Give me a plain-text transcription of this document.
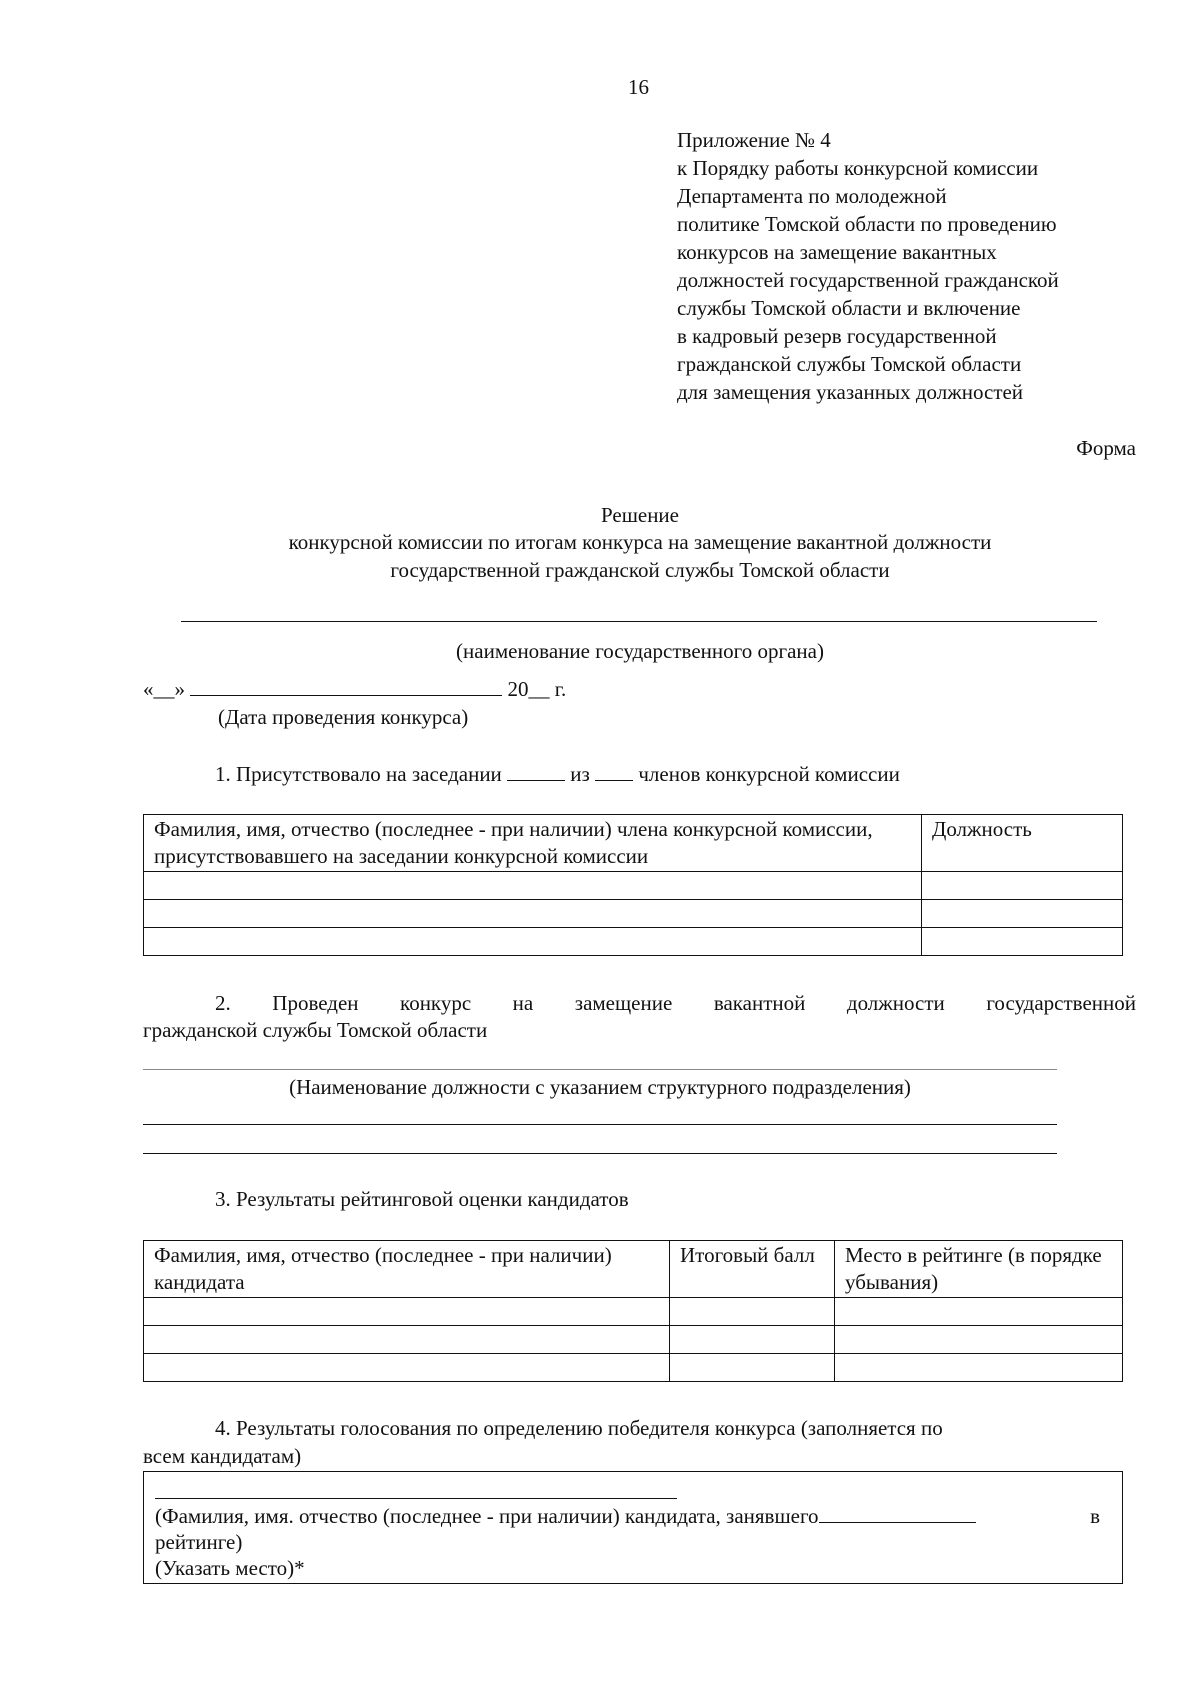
16
Приложение № 4
к Порядку работы конкурсной комиссии
Департамента по молодежной
политике Томской области по проведению
конкурсов на замещение вакантных
должностей государственной гражданской
службы Томской области и включение
в кадровый резерв государственной
гражданской службы Томской области
для замещения указанных должностей
Форма
Решение
конкурсной комиссии по итогам конкурса на замещение вакантной должности
государственной гражданской службы Томской области
(наименование государственного органа)
«__»	20__ г.
(Дата проведения конкурса)
1. Присутствовало на заседании	из членов конкурсной комиссии
Фамилия, имя, отчество (последнее - при наличии) члена конкурсной комиссии, присутствовавшего на заседании конкурсной комиссии	Должность

2. Проведен конкурс на замещение вакантной должности государственной
гражданской службы Томской области
(Наименование должности с указанием структурного подразделения)
3. Результаты рейтинговой оценки кандидатов
Фамилия, имя, отчество (последнее - при наличии) кандидата	Итоговый балл	Место в рейтинге (в порядке убывания)

4. Результаты голосования по определению победителя конкурса (заполняется по
всем кандидатам)
(Фамилия, имя. отчество (последнее - при наличии) кандидата, занявшего	в
рейтинге)
(Указать место)*
